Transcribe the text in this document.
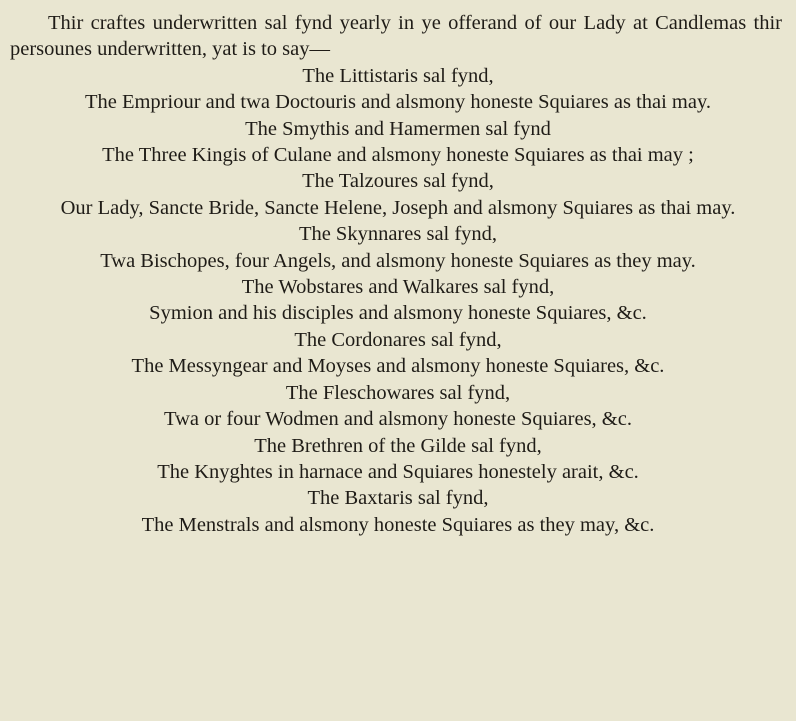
Thir craftes underwritten sal fynd yearly in ye offerand of our Lady at Candlemas thir persounes underwritten, yat is to say—

The Littistaris sal fynd,
The Empriour and twa Doctouris and alsmony honeste Squiares as thai may.
The Smythis and Hamermen sal fynd
The Three Kingis of Culane and alsmony honeste Squiares as thai may ;
The Talzoures sal fynd,
Our Lady, Sancte Bride, Sancte Helene, Joseph and alsmony Squiares as thai may.
The Skynnares sal fynd,
Twa Bischopes, four Angels, and alsmony honeste Squiares as they may.
The Wobstares and Walkares sal fynd,
Symion and his disciples and alsmony honeste Squiares, &c.
The Cordonares sal fynd,
The Messyngear and Moyses and alsmony honeste Squiares, &c.
The Fleschowares sal fynd,
Twa or four Wodmen and alsmony honeste Squiares, &c.
The Brethren of the Gilde sal fynd,
The Knyghtes in harnace and Squiares honestely arait, &c.
The Baxtaris sal fynd,
The Menstrals and alsmony honeste Squiares as they may, &c.
